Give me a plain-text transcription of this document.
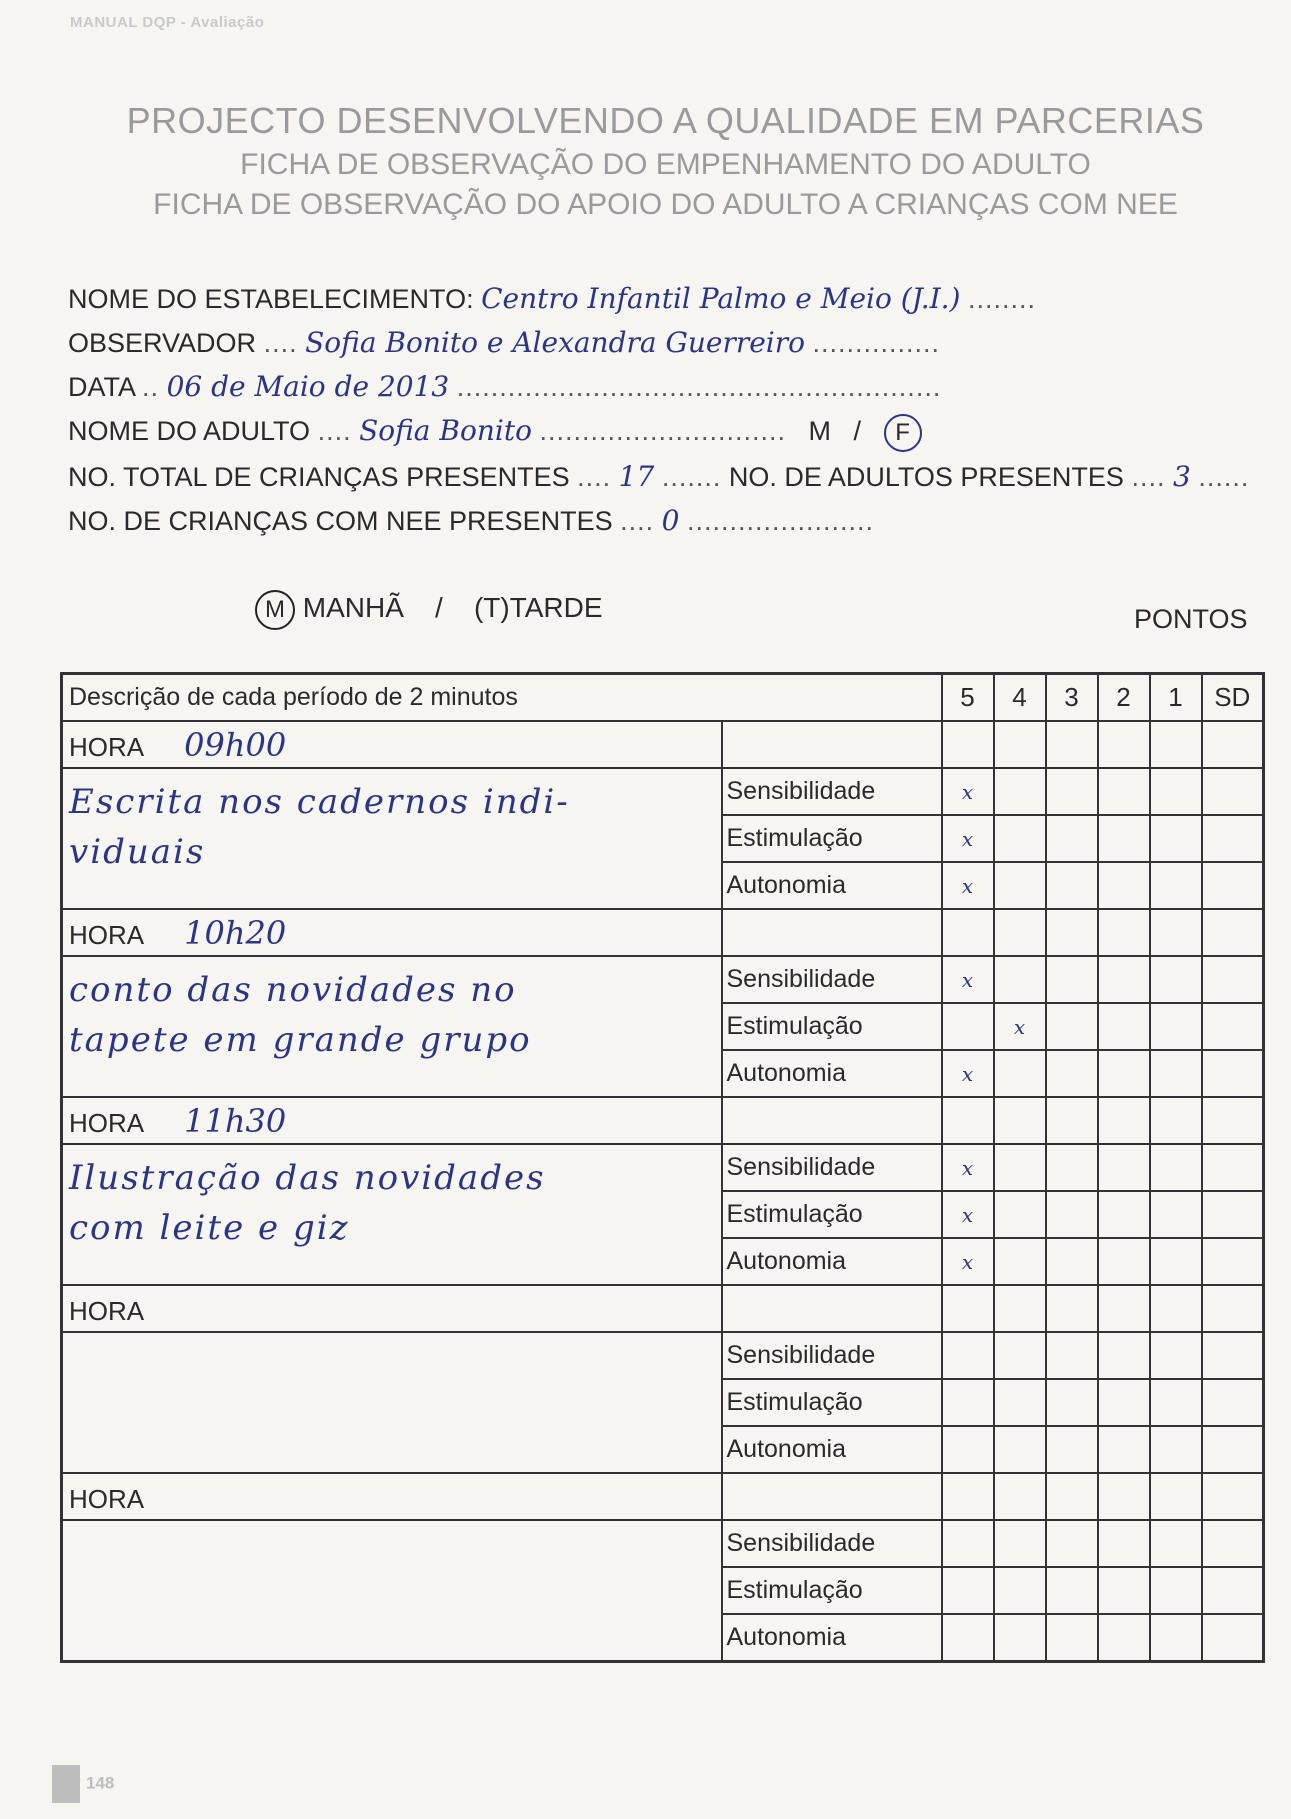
MANUAL DQP - Avaliação
PROJECTO DESENVOLVENDO A QUALIDADE EM PARCERIAS
FICHA DE OBSERVAÇÃO DO EMPENHAMENTO DO ADULTO
FICHA DE OBSERVAÇÃO DO APOIO DO ADULTO A CRIANÇAS COM NEE
NOME DO ESTABELECIMENTO: Centro Infantil Palmo e Meio (J.I.) ........
OBSERVADOR .... Sofia Bonito e Alexandra Guerreiro ...............
DATA .. 06 de Maio de 2013 .........................................................
NOME DO ADULTO .... Sofia Bonito ............................. M / F
NO. TOTAL DE CRIANÇAS PRESENTES .... 17 ....... NO. DE ADULTOS PRESENTES .... 3 ......
NO. DE CRIANÇAS COM NEE PRESENTES .... 0 ......................
M MANHÃ / (T)TARDE	PONTOS
Descrição de cada período de 2 minutos		5	4	3	2	1	SD
HORA 09h00							

Escrita nos cadernos indi-
viduais	Sensibilidade	x					
	Estimulação	x					
	Autonomia	x					
HORA 10h20							

conto das novidades no
tapete em grande grupo	Sensibilidade	x					
	Estimulação		x				
	Autonomia	x					
HORA 11h30							

Ilustração das novidades
com leite e giz	Sensibilidade	x					
	Estimulação	x					
	Autonomia	x					
HORA							

	Sensibilidade						
	Estimulação						
	Autonomia						
HORA							

	Sensibilidade						
	Estimulação						
	Autonomia						
148
